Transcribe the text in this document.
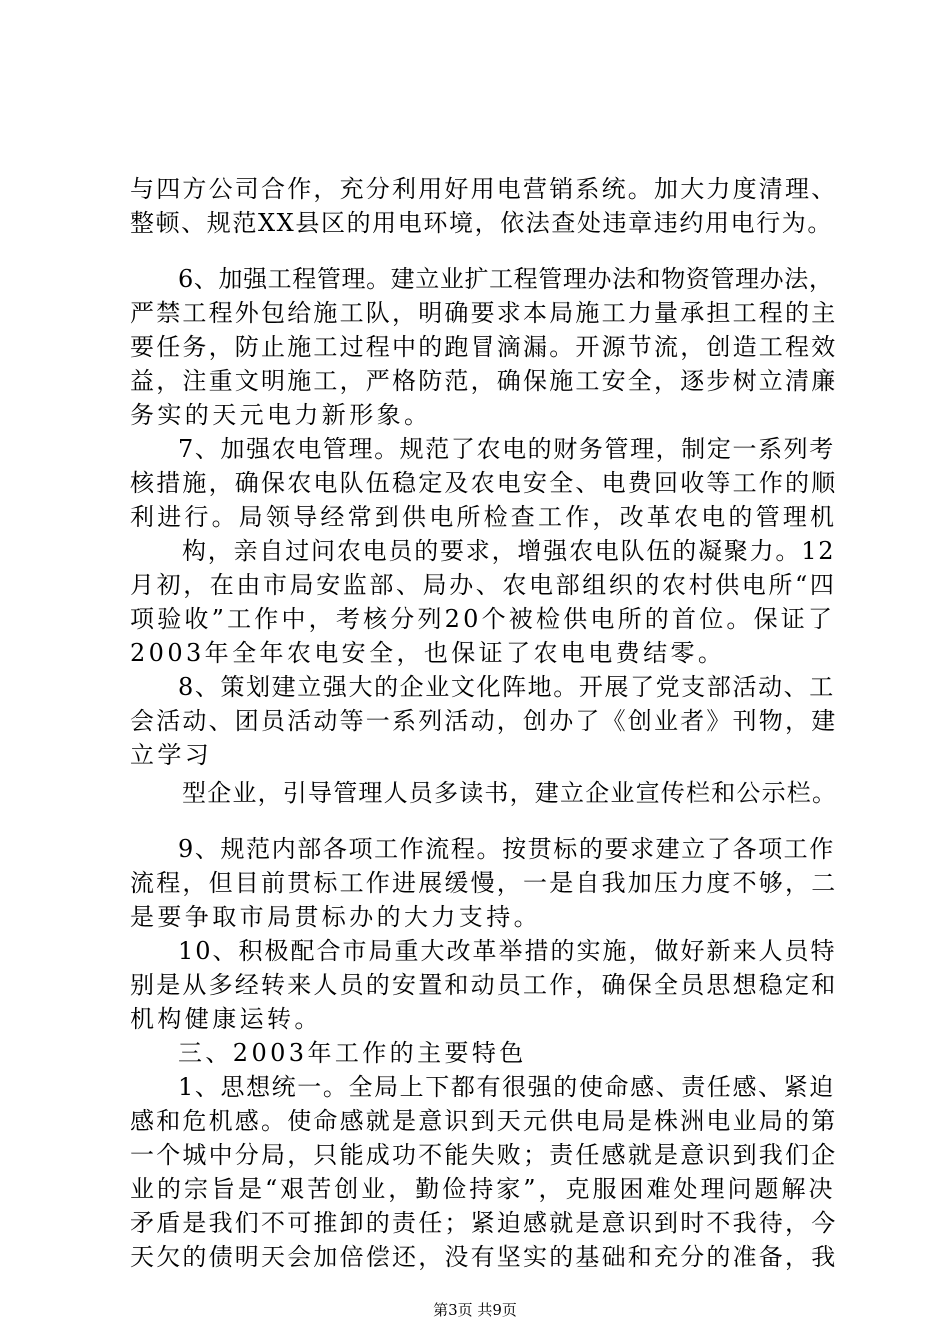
与四方公司合作，充分利用好用电营销系统。加大力度清理、
整顿、规范XX县区的用电环境，依法查处违章违约用电行为。
6、加强工程管理。建立业扩工程管理办法和物资管理办法，
严禁工程外包给施工队，明确要求本局施工力量承担工程的主
要任务，防止施工过程中的跑冒滴漏。开源节流，创造工程效
益，注重文明施工，严格防范，确保施工安全，逐步树立清廉
务实的天元电力新形象。
7、加强农电管理。规范了农电的财务管理，制定一系列考
核措施，确保农电队伍稳定及农电安全、电费回收等工作的顺
利进行。局领导经常到供电所检查工作，改革农电的管理机
构，亲自过问农电员的要求，增强农电队伍的凝聚力。12
月初，在由市局安监部、局办、农电部组织的农村供电所“四
项验收”工作中，考核分列20个被检供电所的首位。保证了
2003年全年农电安全，也保证了农电电费结零。
8、策划建立强大的企业文化阵地。开展了党支部活动、工
会活动、团员活动等一系列活动，创办了《创业者》刊物，建
立学习
型企业，引导管理人员多读书，建立企业宣传栏和公示栏。
9、规范内部各项工作流程。按贯标的要求建立了各项工作
流程，但目前贯标工作进展缓慢，一是自我加压力度不够，二
是要争取市局贯标办的大力支持。
10、积极配合市局重大改革举措的实施，做好新来人员特
别是从多经转来人员的安置和动员工作，确保全员思想稳定和
机构健康运转。
三、2003年工作的主要特色
1、思想统一。全局上下都有很强的使命感、责任感、紧迫
感和危机感。使命感就是意识到天元供电局是株洲电业局的第
一个城中分局，只能成功不能失败；责任感就是意识到我们企
业的宗旨是“艰苦创业，勤俭持家”，克服困难处理问题解决
矛盾是我们不可推卸的责任；紧迫感就是意识到时不我待，今
天欠的债明天会加倍偿还，没有坚实的基础和充分的准备，我
第3页 共9页
